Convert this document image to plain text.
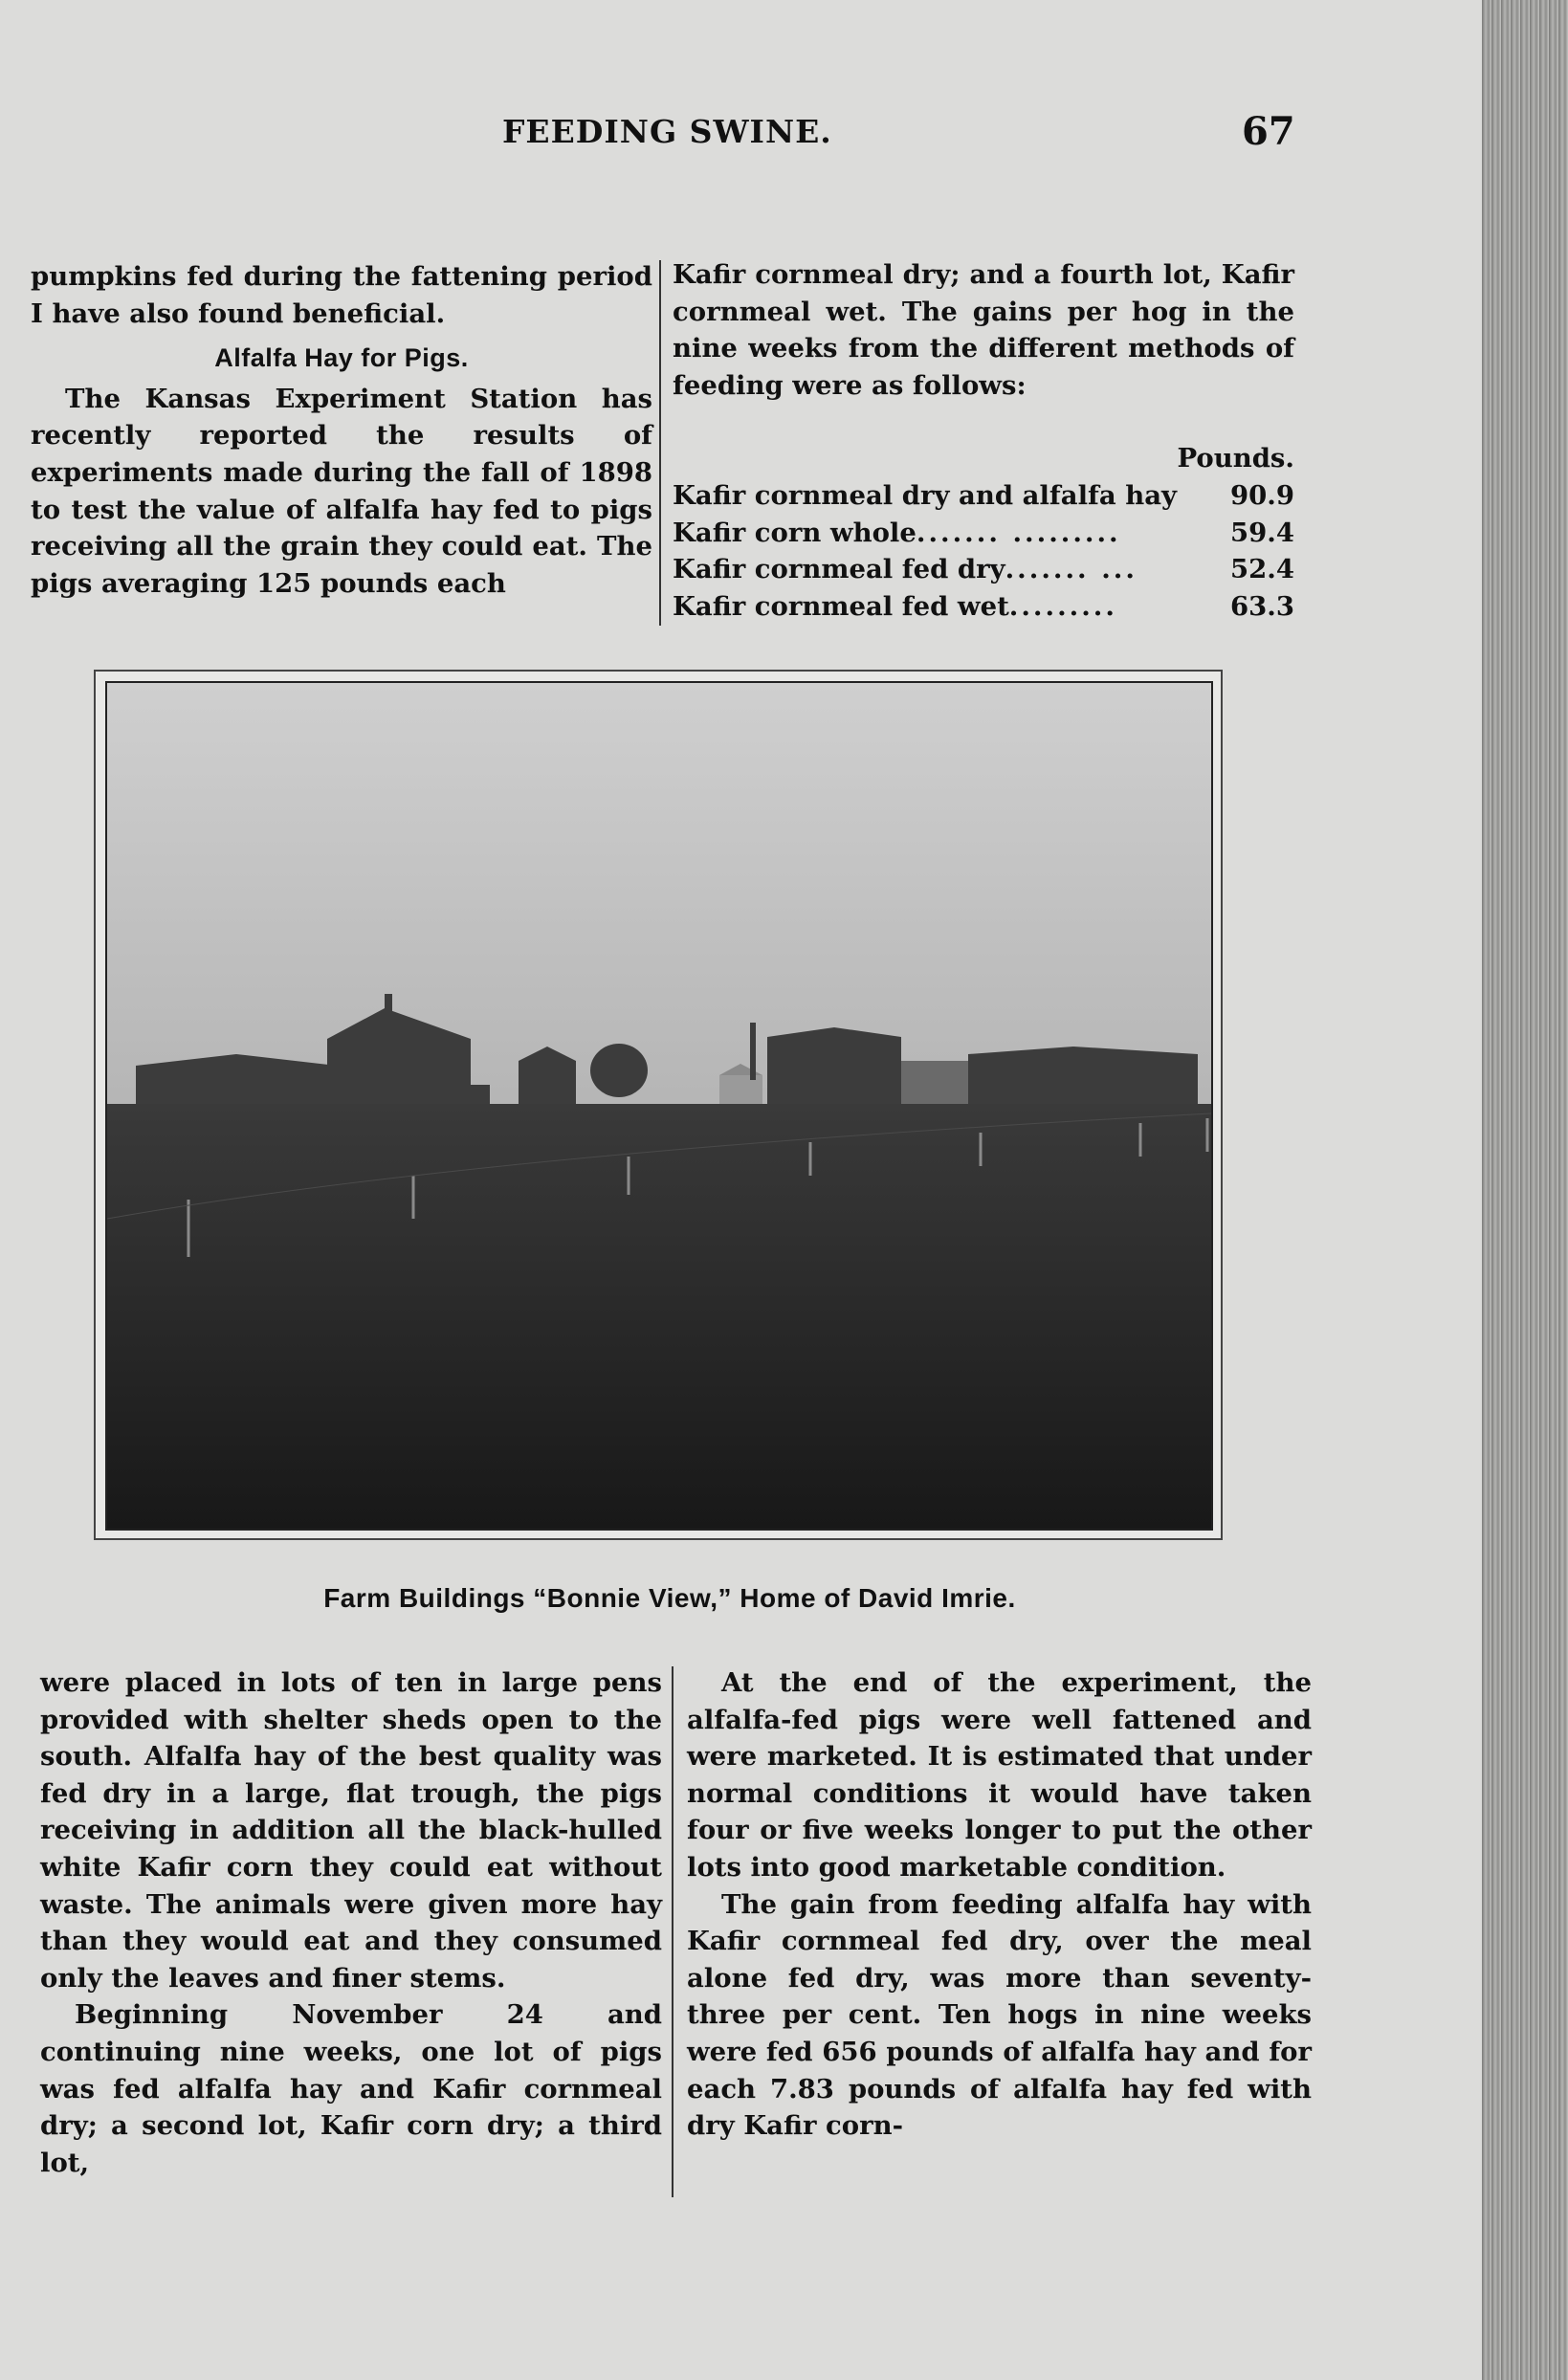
FEEDING SWINE.	67

pumpkins fed during the fattening period I have also found beneficial.

Alfalfa Hay for Pigs.

The Kansas Experiment Station has recently reported the results of experiments made during the fall of 1898 to test the value of alfalfa hay fed to pigs receiving all the grain they could eat. The pigs averaging 125 pounds each

Kafir cornmeal dry; and a fourth lot, Kafir cornmeal wet. The gains per hog in the nine weeks from the different methods of feeding were as follows:

Pounds.

Kafir cornmeal dry and alfalfa hay 90.9
Kafir corn whole ....... .........	59.4
Kafir cornmeal fed dry ....... ...	52.4
Kafir cornmeal fed wet .........	63.3
Farm Buildings “Bonnie View,” Home of David Imrie.

were placed in lots of ten in large pens provided with shelter sheds open to the south. Alfalfa hay of the best quality was fed dry in a large, flat trough, the pigs receiving in addition all the black-hulled white Kafir corn they could eat without waste. The animals were given more hay than they would eat and they consumed only the leaves and finer stems.

Beginning November 24 and continuing nine weeks, one lot of pigs was fed alfalfa hay and Kafir cornmeal dry; a second lot, Kafir corn dry; a third lot,

At the end of the experiment, the alfalfa-fed pigs were well fattened and were marketed. It is estimated that under normal conditions it would have taken four or five weeks longer to put the other lots into good marketable condition.

The gain from feeding alfalfa hay with Kafir cornmeal fed dry, over the meal alone fed dry, was more than seventy-three per cent. Ten hogs in nine weeks were fed 656 pounds of alfalfa hay and for each 7.83 pounds of alfalfa hay fed with dry Kafir corn-
